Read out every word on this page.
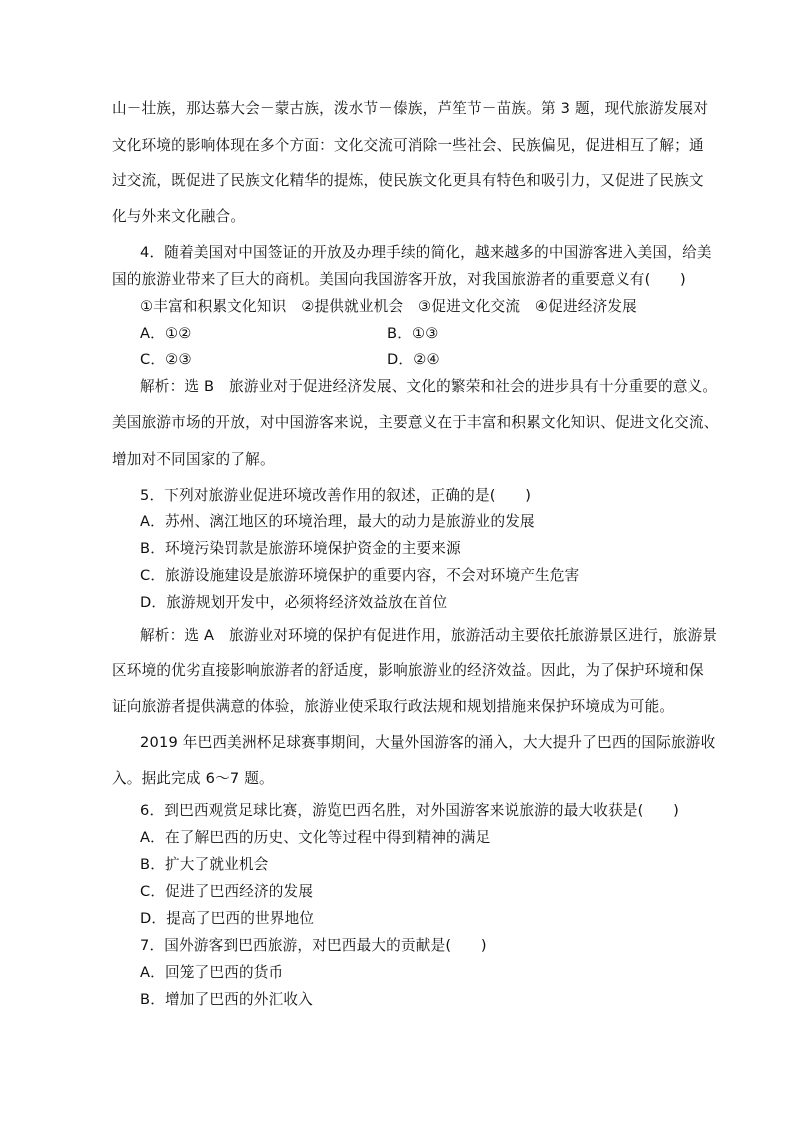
山－壮族，那达慕大会－蒙古族，泼水节－傣族，芦笙节－苗族。第 3 题，现代旅游发展对
文化环境的影响体现在多个方面：文化交流可消除一些社会、民族偏见，促进相互了解；通
过交流，既促进了民族文化精华的提炼，使民族文化更具有特色和吸引力，又促进了民族文
化与外来文化融合。
4．随着美国对中国签证的开放及办理手续的简化，越来越多的中国游客进入美国，给美
国的旅游业带来了巨大的商机。美国向我国游客开放，对我国旅游者的重要意义有(　　)
①丰富和积累文化知识　②提供就业机会　③促进文化交流　④促进经济发展
A．①②	B．①③
C．②③	D．②④
解析：选 B　旅游业对于促进经济发展、文化的繁荣和社会的进步具有十分重要的意义。
美国旅游市场的开放，对中国游客来说，主要意义在于丰富和积累文化知识、促进文化交流、
增加对不同国家的了解。
5．下列对旅游业促进环境改善作用的叙述，正确的是(　　)
A．苏州、漓江地区的环境治理，最大的动力是旅游业的发展
B．环境污染罚款是旅游环境保护资金的主要来源
C．旅游设施建设是旅游环境保护的重要内容，不会对环境产生危害
D．旅游规划开发中，必须将经济效益放在首位
解析：选 A　旅游业对环境的保护有促进作用，旅游活动主要依托旅游景区进行，旅游景
区环境的优劣直接影响旅游者的舒适度，影响旅游业的经济效益。因此，为了保护环境和保
证向旅游者提供满意的体验，旅游业使采取行政法规和规划措施来保护环境成为可能。
2019 年巴西美洲杯足球赛事期间，大量外国游客的涌入，大大提升了巴西的国际旅游收
入。据此完成 6～7 题。
6．到巴西观赏足球比赛，游览巴西名胜，对外国游客来说旅游的最大收获是(　　)
A．在了解巴西的历史、文化等过程中得到精神的满足
B．扩大了就业机会
C．促进了巴西经济的发展
D．提高了巴西的世界地位
7．国外游客到巴西旅游，对巴西最大的贡献是(　　)
A．回笼了巴西的货币
B．增加了巴西的外汇收入
